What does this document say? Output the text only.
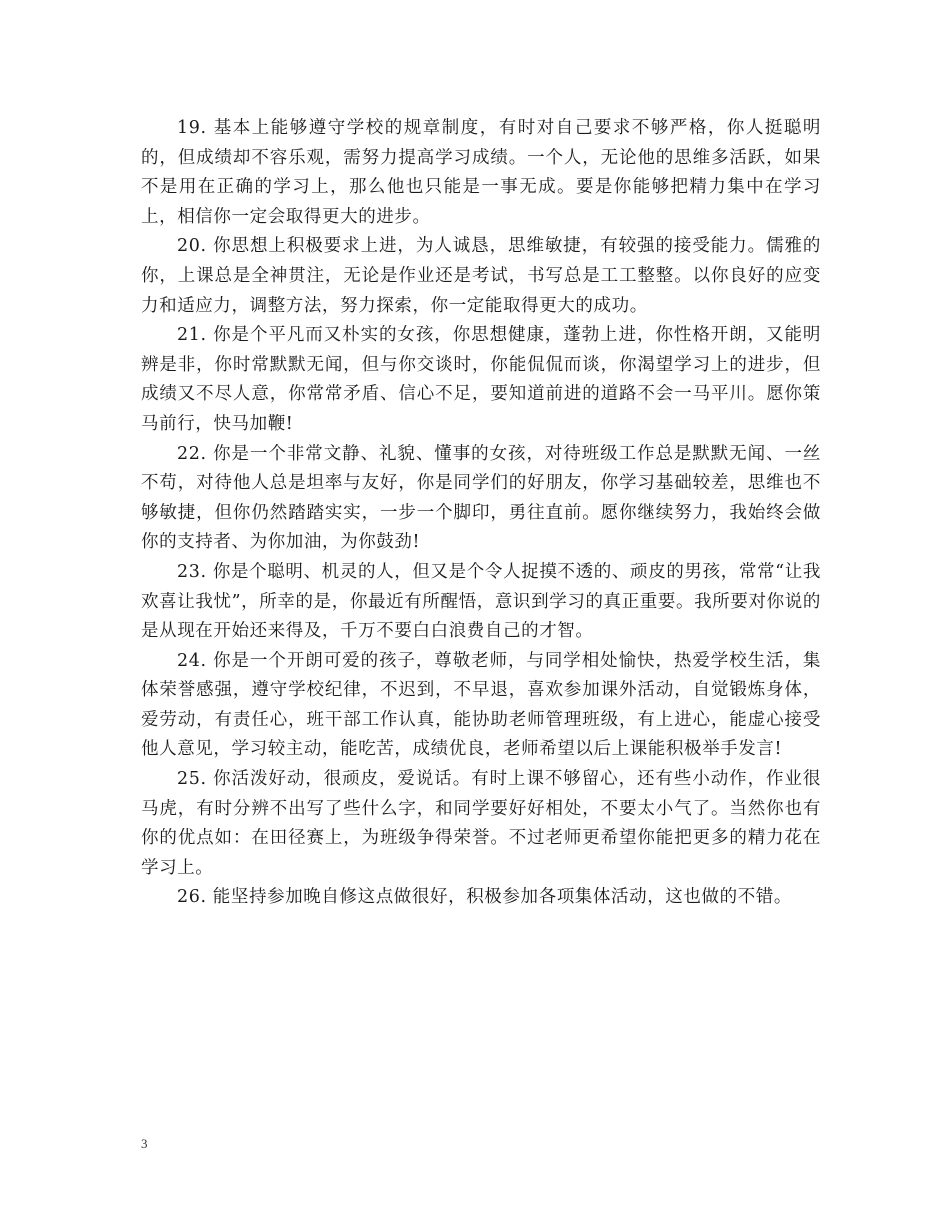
19. 基本上能够遵守学校的规章制度，有时对自己要求不够严格，你人挺聪明的，但成绩却不容乐观，需努力提高学习成绩。一个人，无论他的思维多活跃，如果不是用在正确的学习上，那么他也只能是一事无成。要是你能够把精力集中在学习上，相信你一定会取得更大的进步。

20. 你思想上积极要求上进，为人诚恳，思维敏捷，有较强的接受能力。儒雅的你，上课总是全神贯注，无论是作业还是考试，书写总是工工整整。以你良好的应变力和适应力，调整方法，努力探索，你一定能取得更大的成功。

21. 你是个平凡而又朴实的女孩，你思想健康，蓬勃上进，你性格开朗，又能明辨是非，你时常默默无闻，但与你交谈时，你能侃侃而谈，你渴望学习上的进步，但成绩又不尽人意，你常常矛盾、信心不足，要知道前进的道路不会一马平川。愿你策马前行，快马加鞭!

22. 你是一个非常文静、礼貌、懂事的女孩，对待班级工作总是默默无闻、一丝不苟，对待他人总是坦率与友好，你是同学们的好朋友，你学习基础较差，思维也不够敏捷，但你仍然踏踏实实，一步一个脚印，勇往直前。愿你继续努力，我始终会做你的支持者、为你加油，为你鼓劲!

23. 你是个聪明、机灵的人，但又是个令人捉摸不透的、顽皮的男孩，常常“让我欢喜让我忧”，所幸的是，你最近有所醒悟，意识到学习的真正重要。我所要对你说的是从现在开始还来得及，千万不要白白浪费自己的才智。

24. 你是一个开朗可爱的孩子，尊敬老师，与同学相处愉快，热爱学校生活，集体荣誉感强，遵守学校纪律，不迟到，不早退，喜欢参加课外活动，自觉锻炼身体，爱劳动，有责任心，班干部工作认真，能协助老师管理班级，有上进心，能虚心接受他人意见，学习较主动，能吃苦，成绩优良，老师希望以后上课能积极举手发言!

25. 你活泼好动，很顽皮，爱说话。有时上课不够留心，还有些小动作，作业很马虎，有时分辨不出写了些什么字，和同学要好好相处，不要太小气了。当然你也有你的优点如：在田径赛上，为班级争得荣誉。不过老师更希望你能把更多的精力花在学习上。

26. 能坚持参加晚自修这点做很好，积极参加各项集体活动，这也做的不错。

3
